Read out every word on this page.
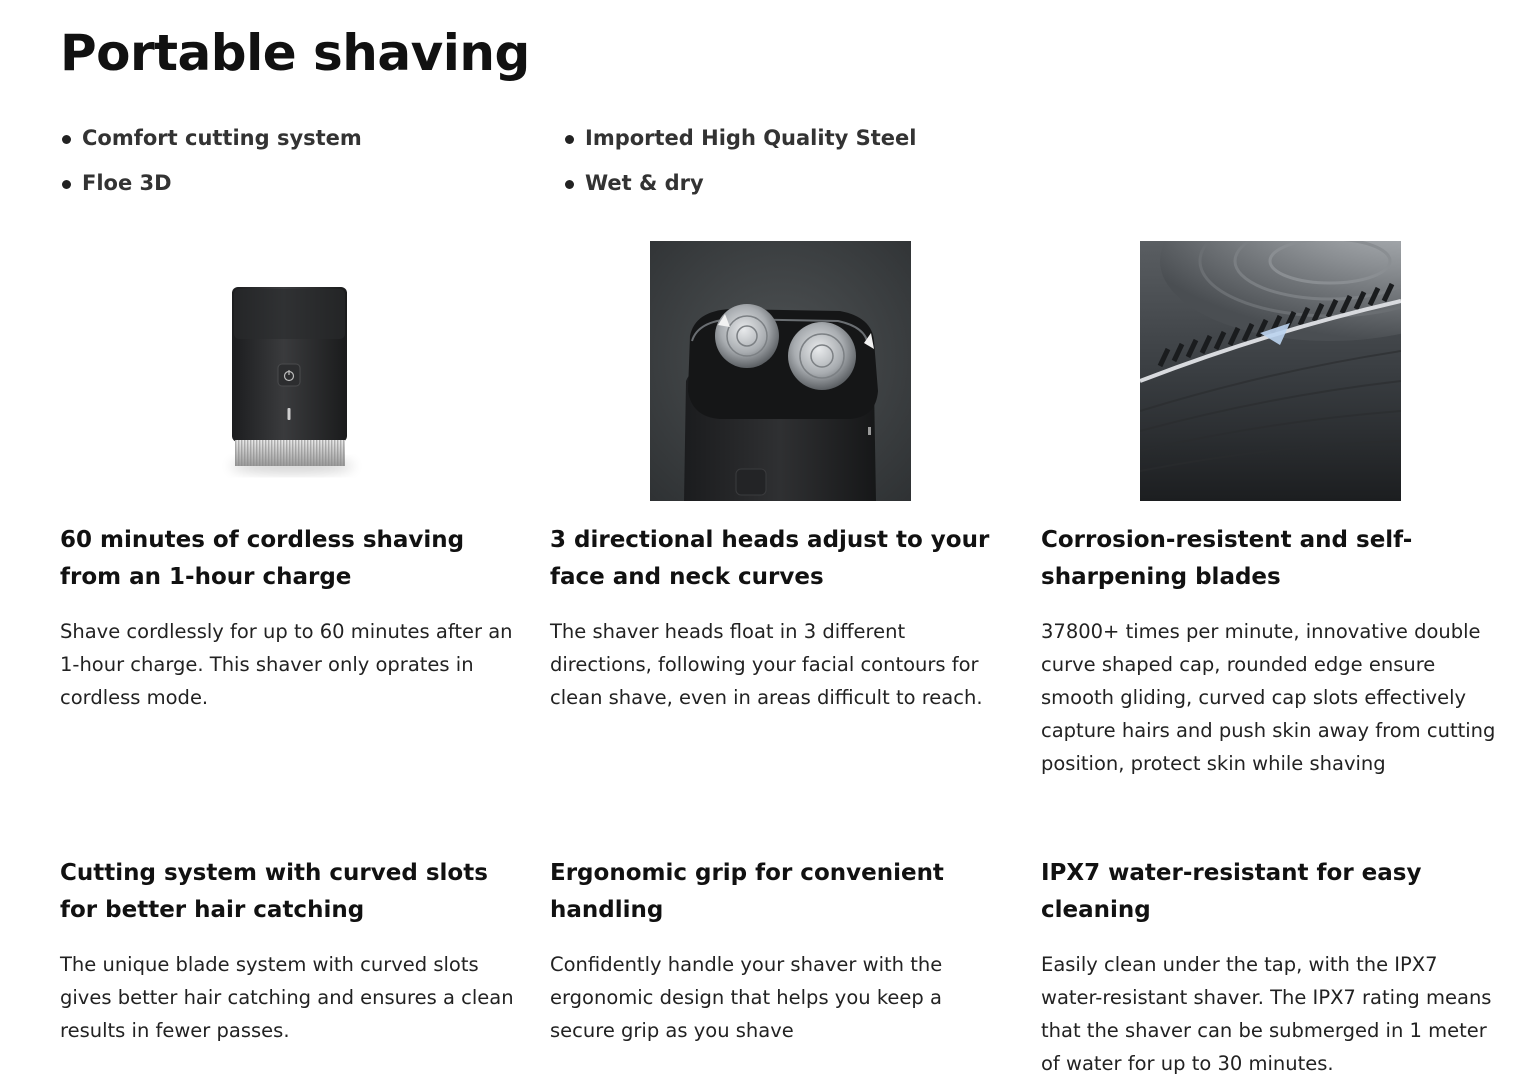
Portable shaving
Comfort cutting system
Floe 3D
Imported High Quality Steel
Wet & dry
60 minutes of cordless shaving from an 1-hour charge

Shave cordlessly for up to 60 minutes after an 1-hour charge. This shaver only oprates in cordless mode.

3 directional heads adjust to your face and neck curves

The shaver heads float in 3 different directions, following your facial contours for clean shave, even in areas difficult to reach.

Corrosion-resistent and self-sharpening blades

37800+ times per minute, innovative double curve shaped cap, rounded edge ensure smooth gliding, curved cap slots effectively capture hairs and push skin away from cutting position, protect skin while shaving

Cutting system with curved slots for better hair catching

The unique blade system with curved slots gives better hair catching and ensures a clean results in fewer passes.

Ergonomic grip for convenient handling

Confidently handle your shaver with the ergonomic design that helps you keep a secure grip as you shave

IPX7 water-resistant for easy cleaning

Easily clean under the tap, with the IPX7 water-resistant shaver. The IPX7 rating means that the shaver can be submerged in 1 meter of water for up to 30 minutes.
